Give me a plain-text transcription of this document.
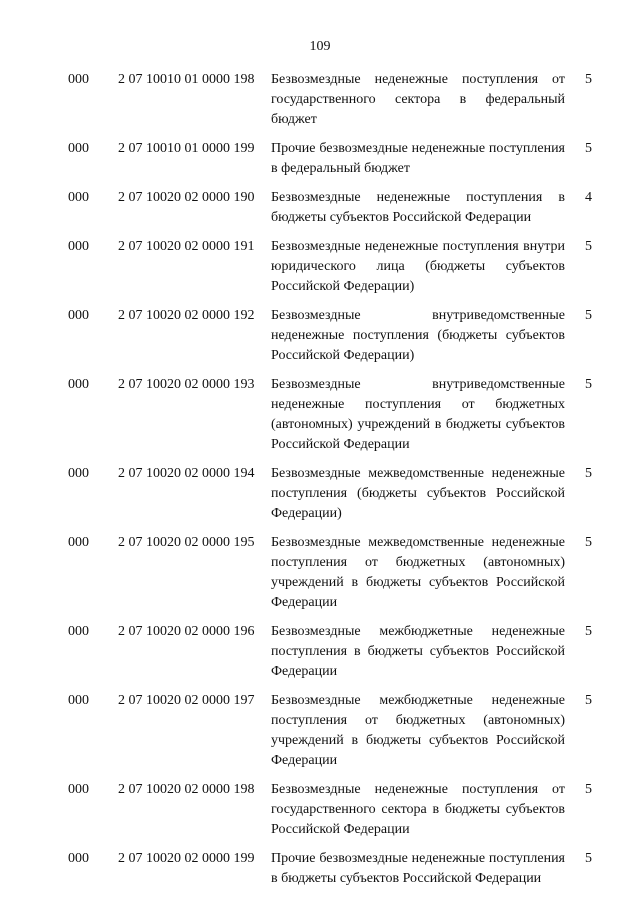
109
000 2 07 10010 01 0000 198 Безвозмездные неденежные поступления от государственного сектора в федеральный бюджет
5
000 2 07 10010 01 0000 199 Прочие безвозмездные неденежные поступления в федеральный бюджет
5
000 2 07 10020 02 0000 190 Безвозмездные неденежные поступления в бюджеты субъектов Российской Федерации
4
000 2 07 10020 02 0000 191 Безвозмездные неденежные поступления внутри юридического лица (бюджеты субъектов Российской Федерации)
5
000 2 07 10020 02 0000 192 Безвозмездные внутриведомственные неденежные поступления (бюджеты субъектов Российской Федерации)
5
000 2 07 10020 02 0000 193 Безвозмездные внутриведомственные неденежные поступления от бюджетных (автономных) учреждений в бюджеты субъектов Российской Федерации
5
000 2 07 10020 02 0000 194 Безвозмездные межведомственные неденежные поступления (бюджеты субъектов Российской Федерации)
5
000 2 07 10020 02 0000 195 Безвозмездные межведомственные неденежные поступления от бюджетных (автономных) учреждений в бюджеты субъектов Российской Федерации
5
000 2 07 10020 02 0000 196 Безвозмездные межбюджетные неденежные поступления в бюджеты субъектов Российской Федерации
5
000 2 07 10020 02 0000 197 Безвозмездные межбюджетные неденежные поступления от бюджетных (автономных) учреждений в бюджеты субъектов Российской Федерации
5
000 2 07 10020 02 0000 198 Безвозмездные неденежные поступления от государственного сектора в бюджеты субъектов Российской Федерации
5
000 2 07 10020 02 0000 199 Прочие безвозмездные неденежные поступления в бюджеты субъектов Российской Федерации
5
